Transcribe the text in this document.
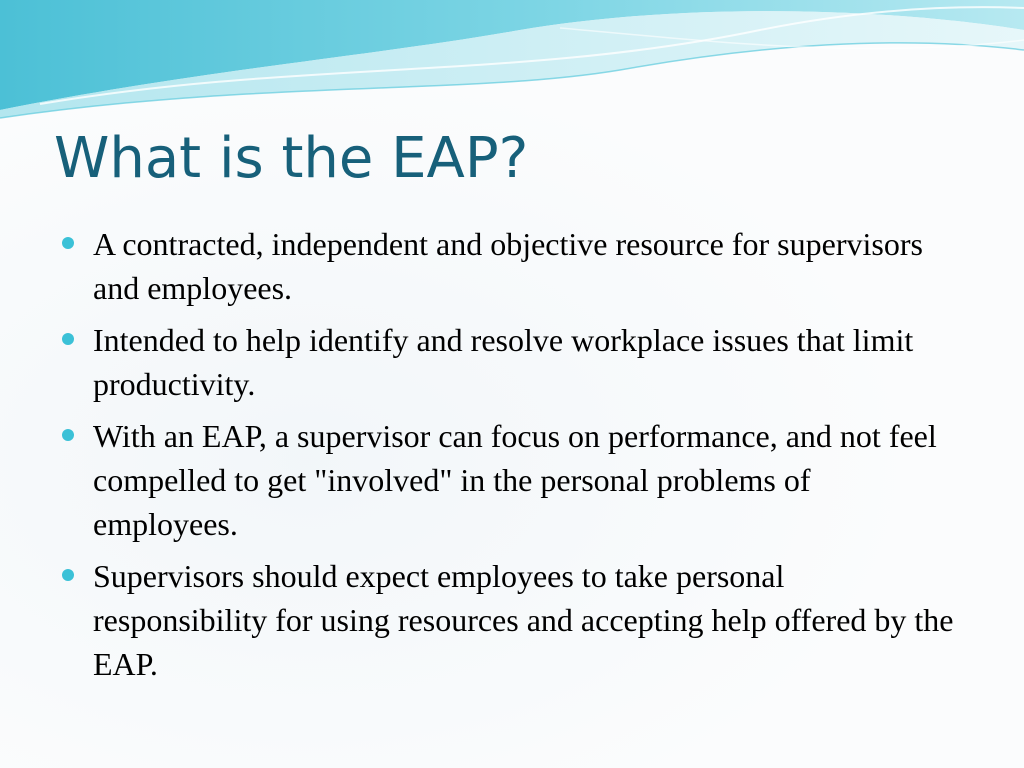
What is the EAP?
A contracted, independent and objective resource for supervisors and employees.
Intended to help identify and resolve workplace issues that limit productivity.
With an EAP, a supervisor can focus on performance, and not feel compelled to get "involved" in the personal problems of employees.
Supervisors should expect employees to take personal responsibility for using resources and accepting help offered by the EAP.
